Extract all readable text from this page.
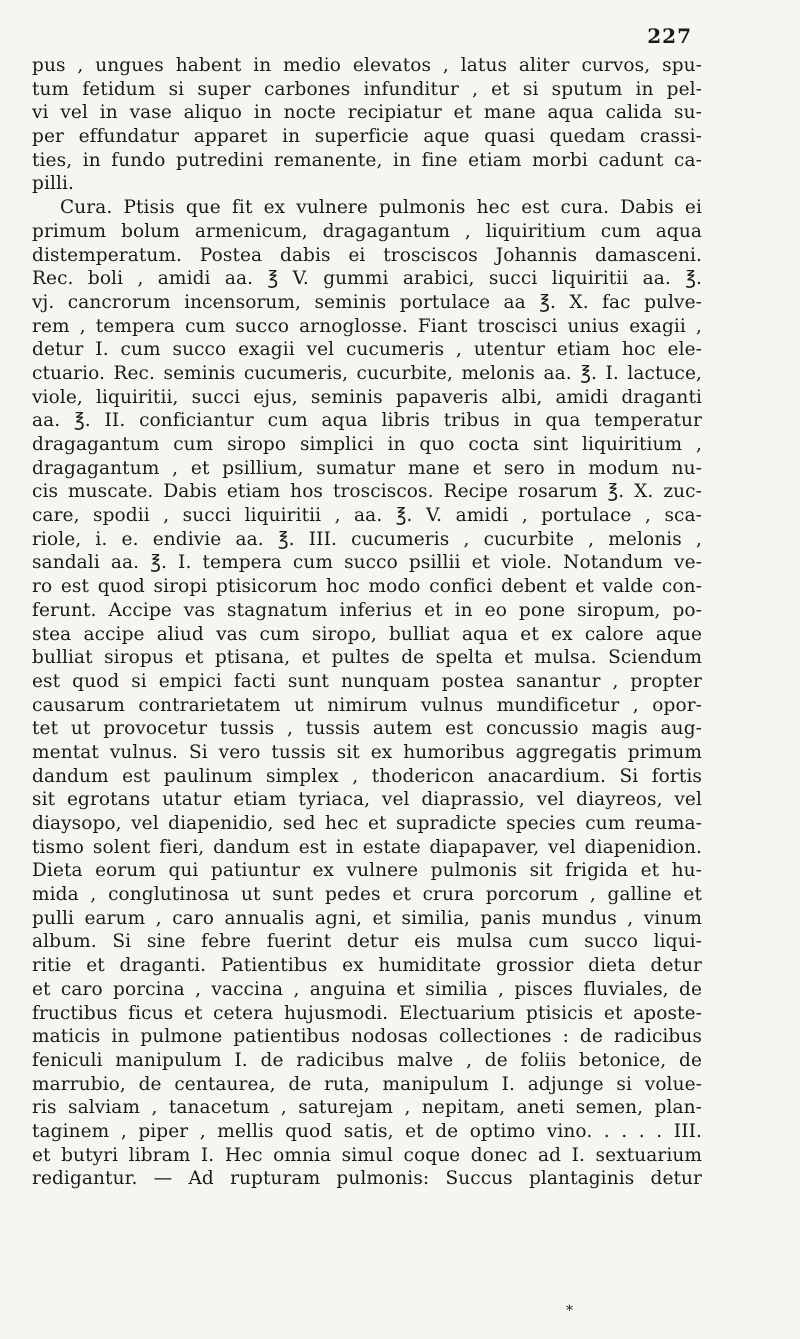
227
pus , ungues habent in medio elevatos , latus aliter curvos, spu-
tum fetidum si super carbones infunditur , et si sputum in pel-
vi vel in vase aliquo in nocte recipiatur et mane aqua calida su-
per effundatur apparet in superficie aque quasi quedam crassi-
ties, in fundo putredini remanente, in fine etiam morbi cadunt ca-
pilli.
Cura. Ptisis que fit ex vulnere pulmonis hec est cura. Dabis ei
primum bolum armenicum, dragagantum , liquiritium cum aqua
distemperatum. Postea dabis ei trosciscos Johannis damasceni.
Rec. boli , amidi aa. ℥ V. gummi arabici, succi liquiritii aa. ℥.
vj. cancrorum incensorum, seminis portulace aa ℥. X. fac pulve-
rem , tempera cum succo arnoglosse. Fiant troscisci unius exagii ,
detur I. cum succo exagii vel cucumeris , utentur etiam hoc ele-
ctuario. Rec. seminis cucumeris, cucurbite, melonis aa. ℥. I. lactuce,
viole, liquiritii, succi ejus, seminis papaveris albi, amidi draganti
aa. ℥. II. conficiantur cum aqua libris tribus in qua temperatur
dragagantum cum siropo simplici in quo cocta sint liquiritium ,
dragagantum , et psillium, sumatur mane et sero in modum nu-
cis muscate. Dabis etiam hos trosciscos. Recipe rosarum ℥. X. zuc-
care, spodii , succi liquiritii , aa. ℥. V. amidi , portulace , sca-
riole, i. e. endivie aa. ℥. III. cucumeris , cucurbite , melonis ,
sandali aa. ℥. I. tempera cum succo psillii et viole. Notandum ve-
ro est quod siropi ptisicorum hoc modo confici debent et valde con-
ferunt. Accipe vas stagnatum inferius et in eo pone siropum, po-
stea accipe aliud vas cum siropo, bulliat aqua et ex calore aque
bulliat siropus et ptisana, et pultes de spelta et mulsa. Sciendum
est quod si empici facti sunt nunquam postea sanantur , propter
causarum contrarietatem ut nimirum vulnus mundificetur , opor-
tet ut provocetur tussis , tussis autem est concussio magis aug-
mentat vulnus. Si vero tussis sit ex humoribus aggregatis primum
dandum est paulinum simplex , thodericon anacardium. Si fortis
sit egrotans utatur etiam tyriaca, vel diaprassio, vel diayreos, vel
diaysopo, vel diapenidio, sed hec et supradicte species cum reuma-
tismo solent fieri, dandum est in estate diapapaver, vel diapenidion.
Dieta eorum qui patiuntur ex vulnere pulmonis sit frigida et hu-
mida , conglutinosa ut sunt pedes et crura porcorum , galline et
pulli earum , caro annualis agni, et similia, panis mundus , vinum
album. Si sine febre fuerint detur eis mulsa cum succo liqui-
ritie et draganti. Patientibus ex humiditate grossior dieta detur
et caro porcina , vaccina , anguina et similia , pisces fluviales, de
fructibus ficus et cetera hujusmodi. Electuarium ptisicis et aposte-
maticis in pulmone patientibus nodosas collectiones : de radicibus
feniculi manipulum I. de radicibus malve , de foliis betonice, de
marrubio, de centaurea, de ruta, manipulum I. adjunge si volue-
ris salviam , tanacetum , saturejam , nepitam, aneti semen, plan-
taginem , piper , mellis quod satis, et de optimo vino. . . . . III.
et butyri libram I. Hec omnia simul coque donec ad I. sextuarium
redigantur. — Ad rupturam pulmonis: Succus plantaginis detur
*
